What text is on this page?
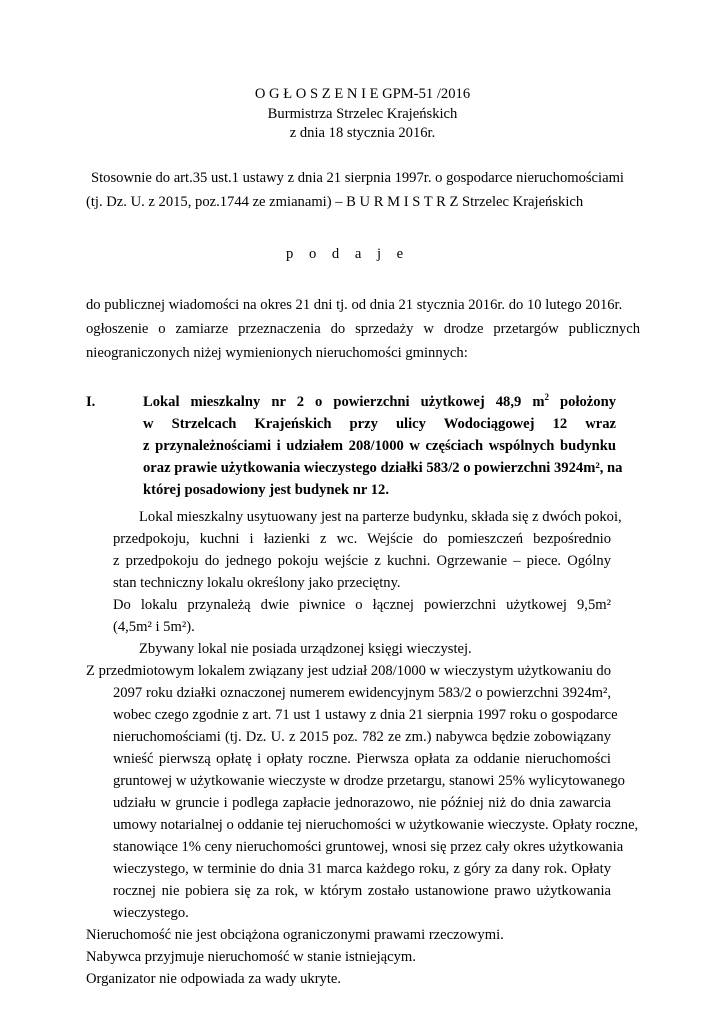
O G Ł O S Z E N I E GPM-51 /2016
Burmistrza Strzelec Krajeńskich
z dnia 18 stycznia 2016r.
Stosownie do art.35 ust.1 ustawy z dnia 21 sierpnia 1997r. o gospodarce nieruchomościami
(tj. Dz. U. z 2015, poz.1744 ze zmianami) – B U R M I S T R Z Strzelec Krajeńskich
p o d a j e
do publicznej wiadomości na okres 21 dni tj. od dnia 21 stycznia 2016r. do 10 lutego 2016r.
ogłoszenie o zamiarze przeznaczenia do sprzedaży w drodze przetargów publicznych
nieograniczonych niżej wymienionych nieruchomości gminnych:
I.	Lokal mieszkalny nr 2 o powierzchni użytkowej 48,9 $m^2$ położony
w Strzelcach Krajeńskich przy ulicy Wodociągowej 12 wraz
z przynależnościami i udziałem 208/1000 w częściach wspólnych budynku
oraz prawie użytkowania wieczystego działki 583/2 o powierzchni 3924m², na
której posadowiony jest budynek nr 12.
Lokal mieszkalny usytuowany jest na parterze budynku, składa się z dwóch pokoi,
przedpokoju, kuchni i łazienki z wc. Wejście do pomieszczeń bezpośrednio
z przedpokoju do jednego pokoju wejście z kuchni. Ogrzewanie – piece. Ogólny
stan techniczny lokalu określony jako przeciętny.
Do lokalu przynależą dwie piwnice o łącznej powierzchni użytkowej 9,5m²
(4,5m² i 5m²).
Zbywany lokal nie posiada urządzonej księgi wieczystej.
Z przedmiotowym lokalem związany jest udział 208/1000 w wieczystym użytkowaniu do
2097 roku działki oznaczonej numerem ewidencyjnym 583/2 o powierzchni 3924m²,
wobec czego zgodnie z art. 71 ust 1 ustawy z dnia 21 sierpnia 1997 roku o gospodarce
nieruchomościami (tj. Dz. U. z 2015 poz. 782 ze zm.) nabywca będzie zobowiązany
wnieść pierwszą opłatę i opłaty roczne. Pierwsza opłata za oddanie nieruchomości
gruntowej w użytkowanie wieczyste w drodze przetargu, stanowi 25% wylicytowanego
udziału w gruncie i podlega zapłacie jednorazowo, nie później niż do dnia zawarcia
umowy notarialnej o oddanie tej nieruchomości w użytkowanie wieczyste. Opłaty roczne,
stanowiące 1% ceny nieruchomości gruntowej, wnosi się przez cały okres użytkowania
wieczystego, w terminie do dnia 31 marca każdego roku, z góry za dany rok. Opłaty
rocznej nie pobiera się za rok, w którym zostało ustanowione prawo użytkowania
wieczystego.
Nieruchomość nie jest obciążona ograniczonymi prawami rzeczowymi.
Nabywca przyjmuje nieruchomość w stanie istniejącym.
Organizator nie odpowiada za wady ukryte.
